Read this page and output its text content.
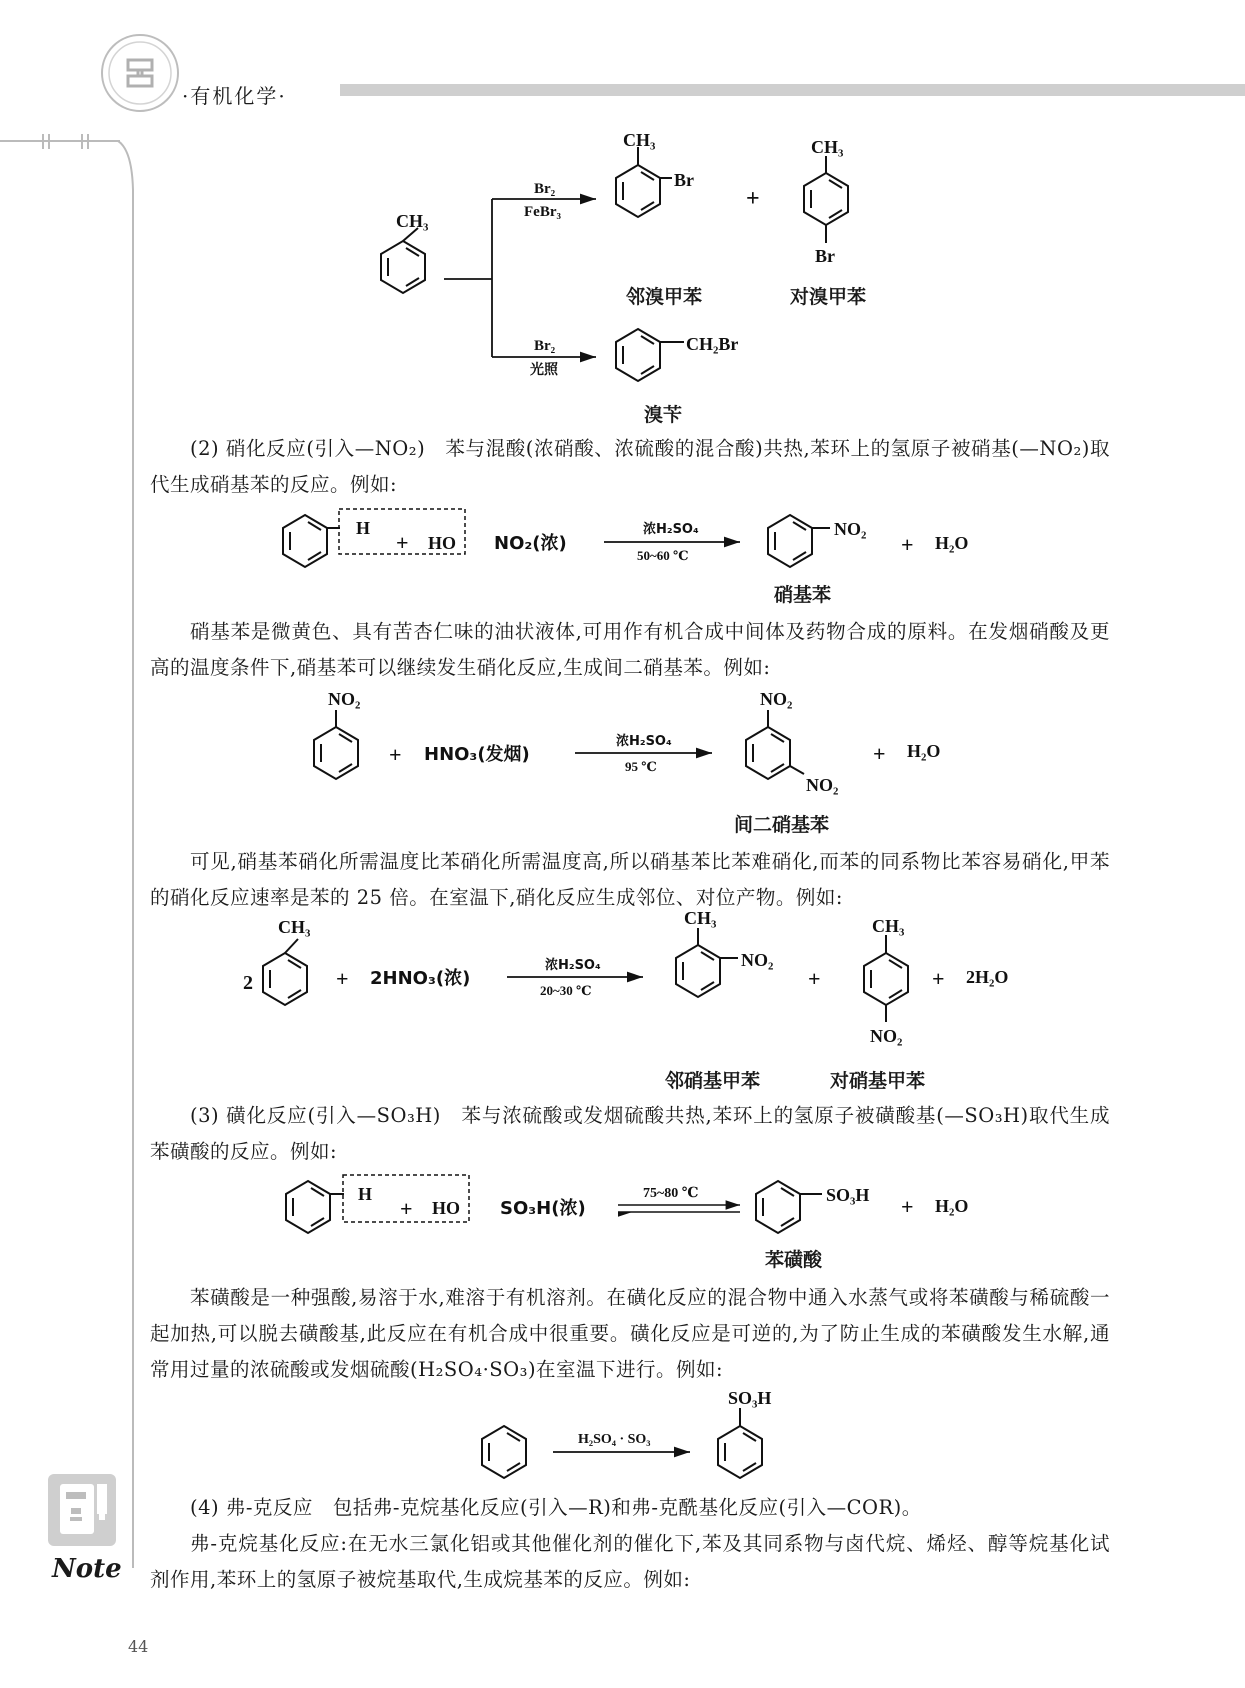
·有机化学·
Note
44
CH₃
Br₂
FeBr₃
Br₂
光照
CH₃
Br
+
CH₃
Br
CH₂Br
邻溴甲苯	对溴甲苯
溴苄
(2) 硝化反应(引入—NO₂)　苯与混酸(浓硝酸、浓硫酸的混合酸)共热,苯环上的氢原子被硝基(—NO₂)取代生成硝基苯的反应。例如:
H
+ HO NO₂(浓)
浓H₂SO₄
50~60 ℃
NO₂
+ H₂O
硝基苯
硝基苯是微黄色、具有苦杏仁味的油状液体,可用作有机合成中间体及药物合成的原料。在发烟硝酸及更高的温度条件下,硝基苯可以继续发生硝化反应,生成间二硝基苯。例如:
NO₂
+ HNO₃(发烟)
浓H₂SO₄
95 ℃
NO₂
NO₂
+ H₂O
间二硝基苯
可见,硝基苯硝化所需温度比苯硝化所需温度高,所以硝基苯比苯难硝化,而苯的同系物比苯容易硝化,甲苯的硝化反应速率是苯的 25 倍。在室温下,硝化反应生成邻位、对位产物。例如:
2
CH₃
+ 2HNO₃(浓)
浓H₂SO₄
20~30 ℃
CH₃
NO₂
+
CH₃
NO₂
+ 2H₂O
邻硝基甲苯	对硝基甲苯
(3) 磺化反应(引入—SO₃H)　苯与浓硫酸或发烟硫酸共热,苯环上的氢原子被磺酸基(—SO₃H)取代生成苯磺酸的反应。例如:
H
+ HO SO₃H(浓)
75~80 ℃	SO₃H + H₂O
苯磺酸
苯磺酸是一种强酸,易溶于水,难溶于有机溶剂。在磺化反应的混合物中通入水蒸气或将苯磺酸与稀硫酸一起加热,可以脱去磺酸基,此反应在有机合成中很重要。磺化反应是可逆的,为了防止生成的苯磺酸发生水解,通常用过量的浓硫酸或发烟硫酸(H₂SO₄·SO₃)在室温下进行。例如:
H₂SO₄ · SO₃
SO₃H
(4) 弗-克反应　包括弗-克烷基化反应(引入—R)和弗-克酰基化反应(引入—COR)。
弗-克烷基化反应:在无水三氯化铝或其他催化剂的催化下,苯及其同系物与卤代烷、烯烃、醇等烷基化试剂作用,苯环上的氢原子被烷基取代,生成烷基苯的反应。例如:
